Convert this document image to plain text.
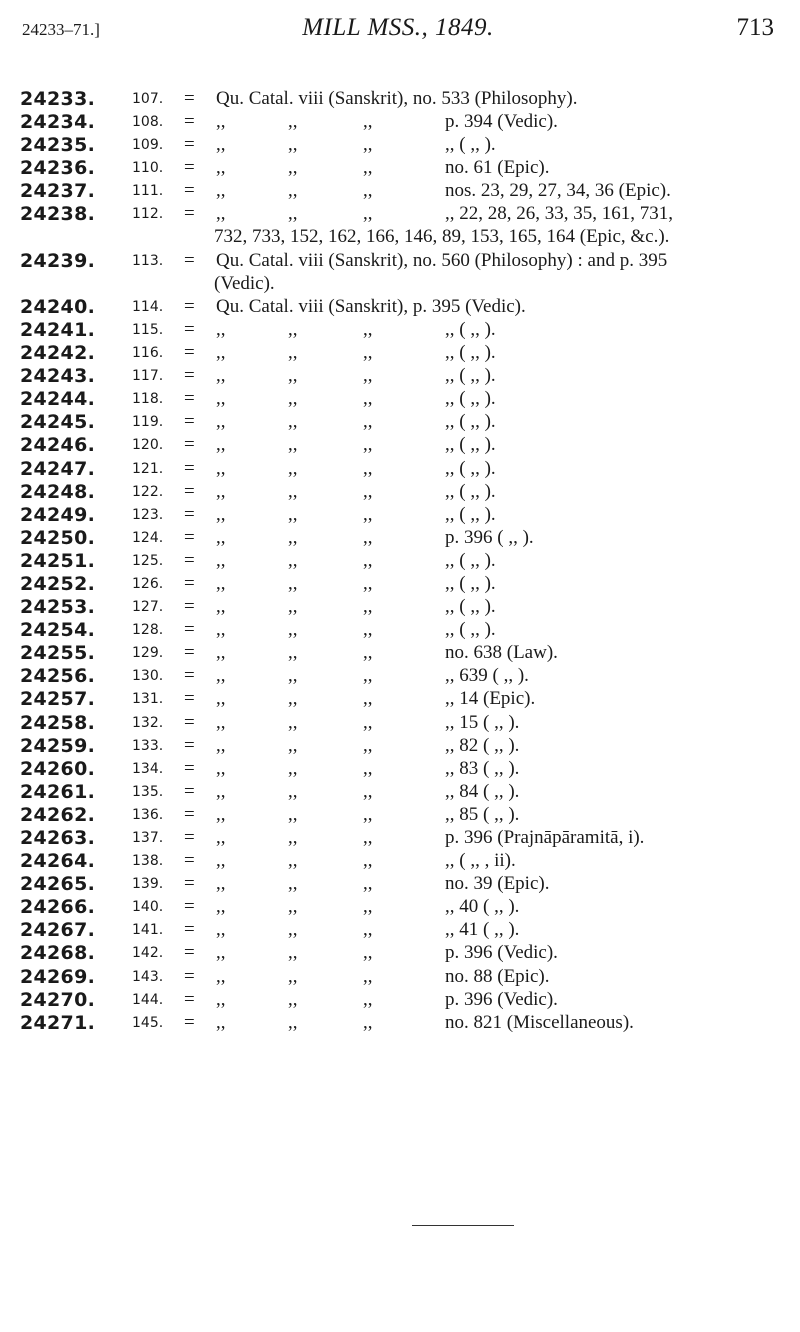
24233–71.]	MILL MSS., 1849.	713
24233.	107. = Qu. Catal. viii (Sanskrit), no. 533 (Philosophy).
24234.	108. = ,,	,,	,,	p. 394 (Vedic).
24235.	109. = ,,	,,	,,	,, ( ,, ).
24236.	110. = ,,	,,	,,	no. 61 (Epic).
24237.	111. = ,,	,,	,,	nos. 23, 29, 27, 34, 36 (Epic).
24238.	112. = ,,	,,	,,	,, 22, 28, 26, 33, 35, 161, 731,
732, 733, 152, 162, 166, 146, 89, 153, 165, 164 (Epic, &c.).
24239.	113. = Qu. Catal. viii (Sanskrit), no. 560 (Philosophy) : and p. 395
(Vedic).
24240.	114. = Qu. Catal. viii (Sanskrit), p. 395 (Vedic).
24241.	115. = ,,	,,	,,	,, ( ,, ).
24242.	116. = ,,	,,	,,	,, ( ,, ).
24243.	117. = ,,	,,	,,	,, ( ,, ).
24244.	118. = ,,	,,	,,	,, ( ,, ).
24245.	119. = ,,	,,	,,	,, ( ,, ).
24246.	120. = ,,	,,	,,	,, ( ,, ).
24247.	121. = ,,	,,	,,	,, ( ,, ).
24248.	122. = ,,	,,	,,	,, ( ,, ).
24249.	123. = ,,	,,	,,	,, ( ,, ).
24250.	124. = ,,	,,	,,	p. 396 ( ,, ).
24251.	125. = ,,	,,	,,	,, ( ,, ).
24252.	126. = ,,	,,	,,	,, ( ,, ).
24253.	127. = ,,	,,	,,	,, ( ,, ).
24254.	128. = ,,	,,	,,	,, ( ,, ).
24255.	129. = ,,	,,	,,	no. 638 (Law).
24256.	130. = ,,	,,	,,	,, 639 ( ,, ).
24257.	131. = ,,	,,	,,	,, 14 (Epic).
24258.	132. = ,,	,,	,,	,, 15 ( ,, ).
24259.	133. = ,,	,,	,,	,, 82 ( ,, ).
24260.	134. = ,,	,,	,,	,, 83 ( ,, ).
24261.	135. = ,,	,,	,,	,, 84 ( ,, ).
24262.	136. = ,,	,,	,,	,, 85 ( ,, ).
24263.	137. = ,,	,,	,,	p. 396 (Prajnāpāramitā, i).
24264.	138. = ,,	,,	,,	,, ( ,, , ii).
24265.	139. = ,,	,,	,,	no. 39 (Epic).
24266.	140. = ,,	,,	,,	,, 40 ( ,, ).
24267.	141. = ,,	,,	,,	,, 41 ( ,, ).
24268.	142. = ,,	,,	,,	p. 396 (Vedic).
24269.	143. = ,,	,,	,,	no. 88 (Epic).
24270.	144. = ,,	,,	,,	p. 396 (Vedic).
24271.	145. = ,,	,,	,,	no. 821 (Miscellaneous).
